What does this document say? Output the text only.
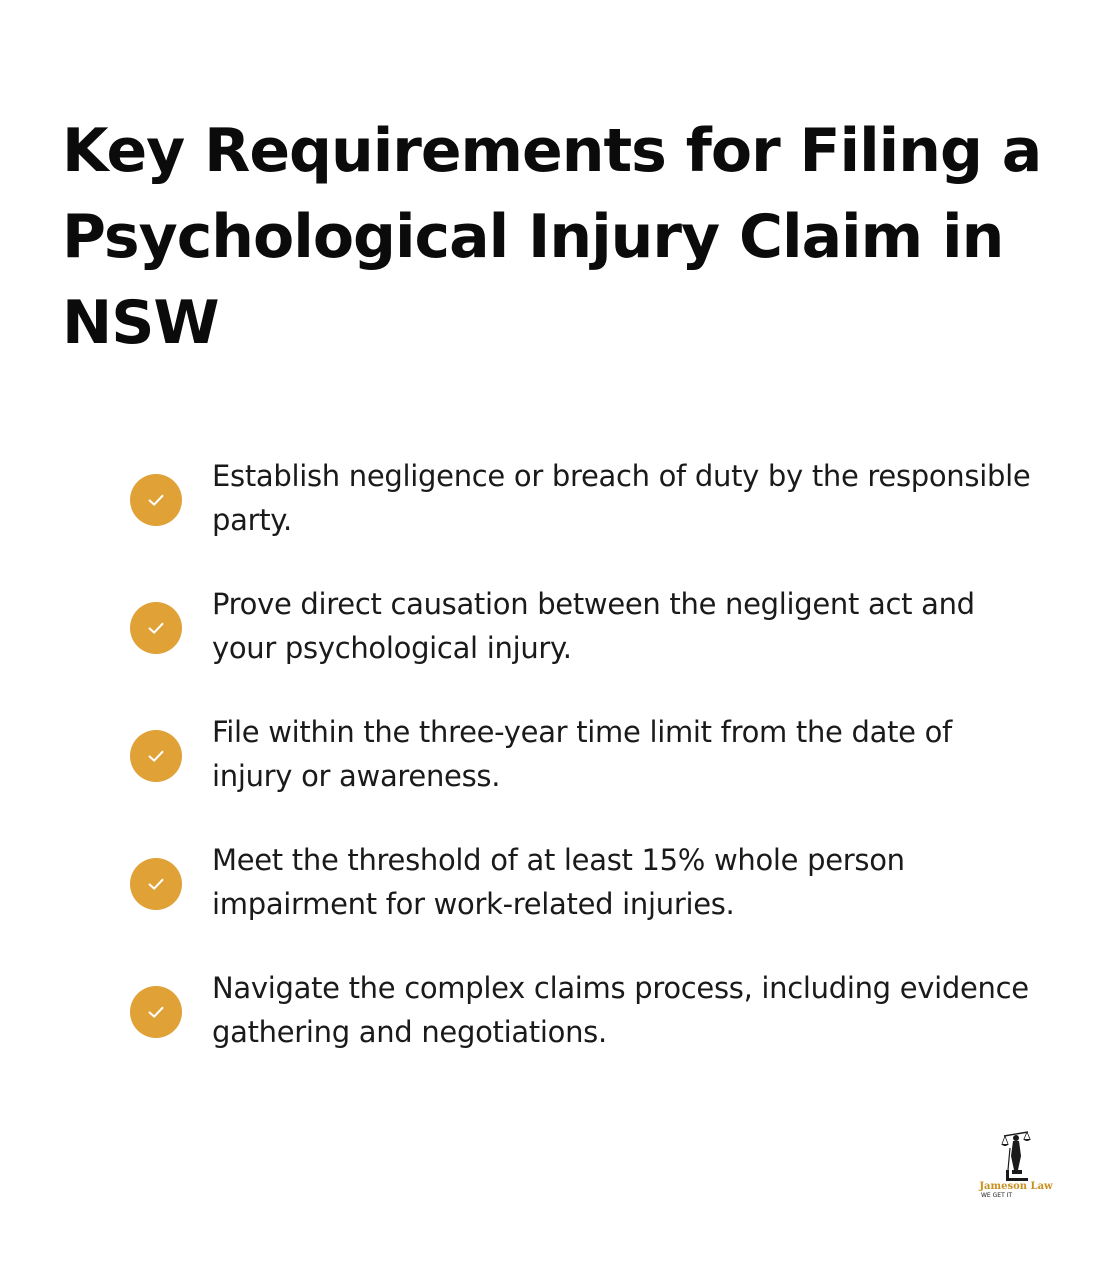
Key Requirements for Filing a Psychological Injury Claim in NSW
Establish negligence or breach of duty by the responsible party.
Prove direct causation between the negligent act and your psychological injury.
File within the three-year time limit from the date of injury or awareness.
Meet the threshold of at least 15% whole person impairment for work-related injuries.
Navigate the complex claims process, including evidence gathering and negotiations.
Jameson Law
WE GET IT
